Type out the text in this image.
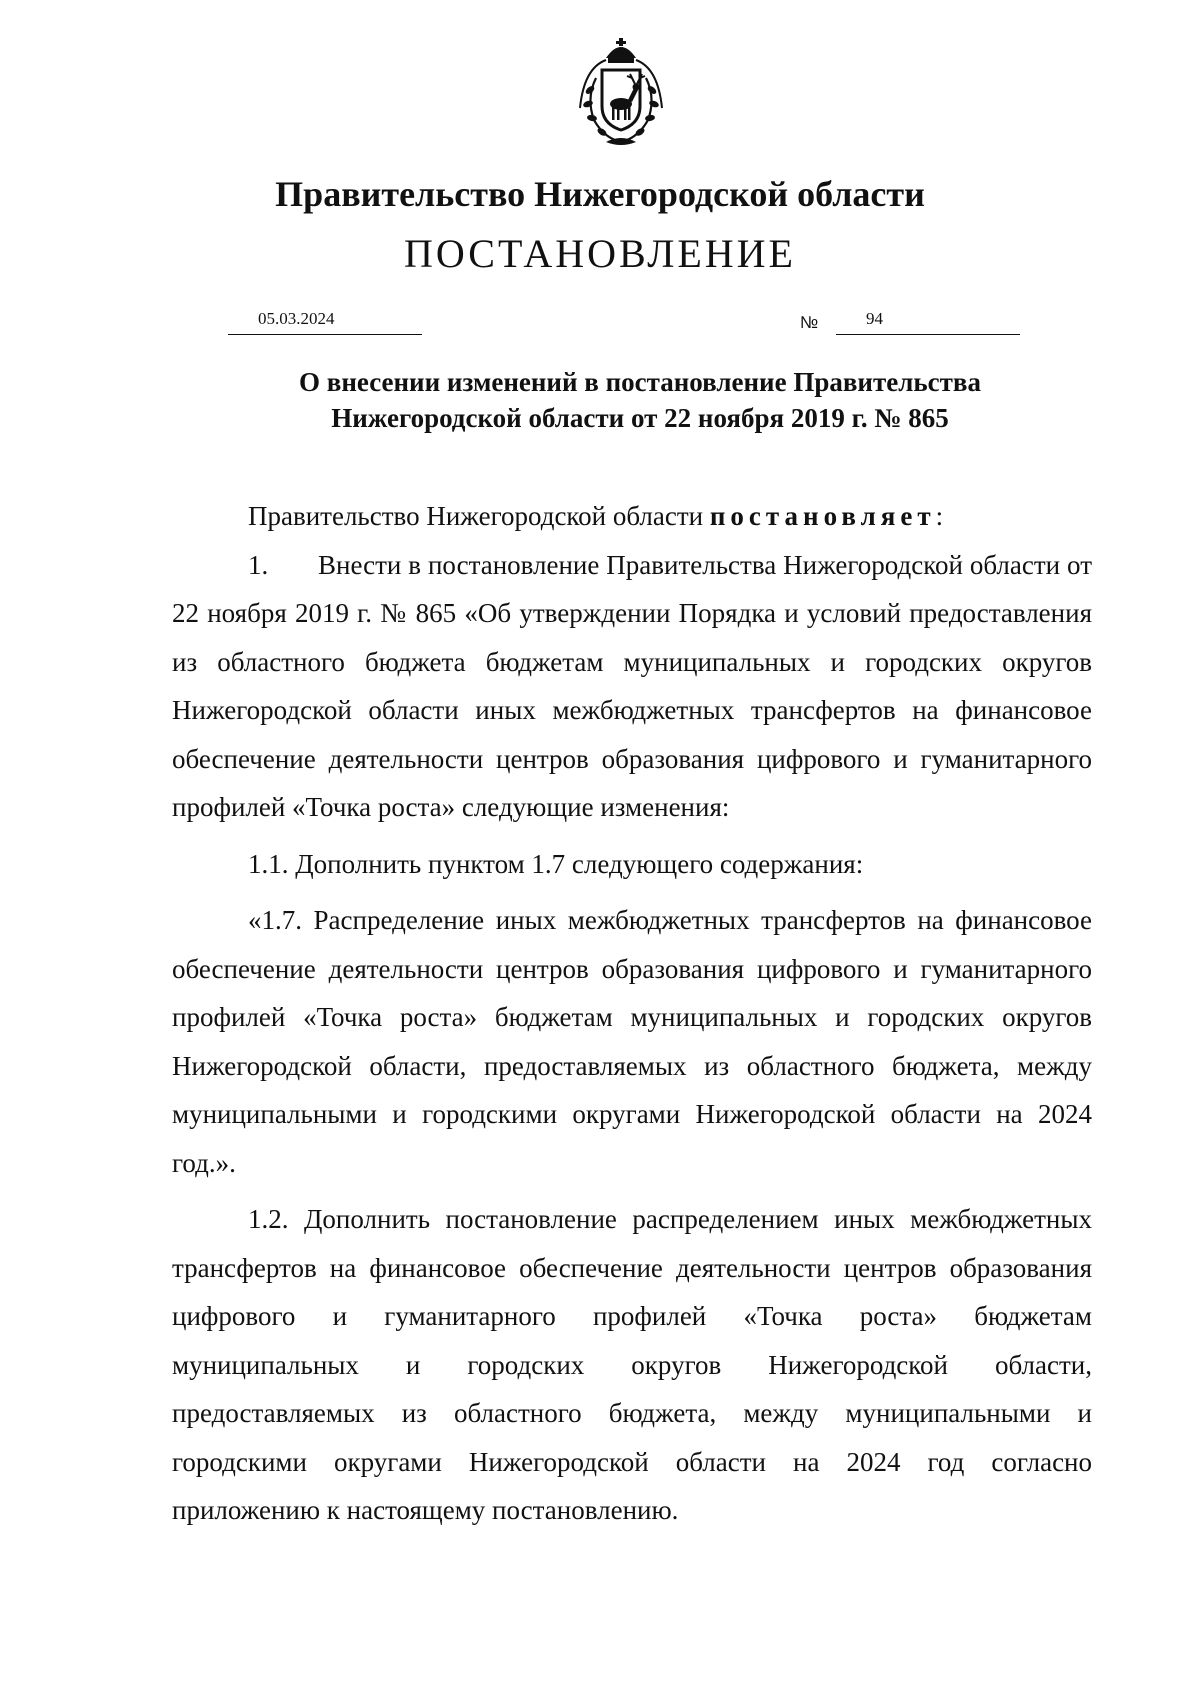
Правительство Нижегородской области
ПОСТАНОВЛЕНИЕ
05.03.2024	№	94
О внесении изменений в постановление Правительства
Нижегородской области от 22 ноября 2019 г. № 865

Правительство Нижегородской области постановляет:

1. Внести в постановление Правительства Нижегородской области от 22 ноября 2019 г. № 865 «Об утверждении Порядка и условий предоставления из областного бюджета бюджетам муниципальных и городских округов Нижегородской области иных межбюджетных трансфертов на финансовое обеспечение деятельности центров образования цифрового и гуманитарного профилей «Точка роста» следующие изменения:

1.1. Дополнить пунктом 1.7 следующего содержания:

«1.7. Распределение иных межбюджетных трансфертов на финансовое обеспечение деятельности центров образования цифрового и гуманитарного профилей «Точка роста» бюджетам муниципальных и городских округов Нижегородской области, предоставляемых из областного бюджета, между муниципальными и городскими округами Нижегородской области на 2024 год.».

1.2. Дополнить постановление распределением иных межбюджетных трансфертов на финансовое обеспечение деятельности центров образования цифрового и гуманитарного профилей «Точка роста» бюджетам муниципальных и городских округов Нижегородской области, предоставляемых из областного бюджета, между муниципальными и городскими округами Нижегородской области на 2024 год согласно приложению к настоящему постановлению.
